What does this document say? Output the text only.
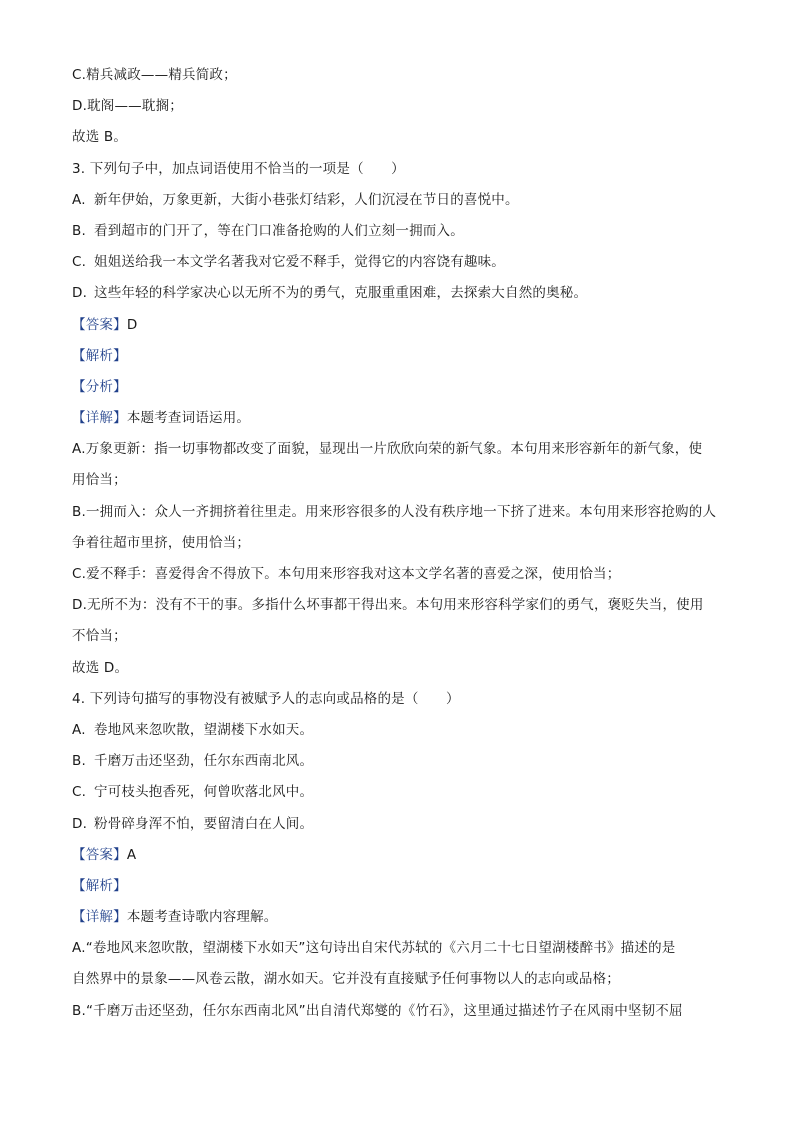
C.精兵减政——精兵简政；
D.耽阁——耽搁；
故选 B。
3. 下列句子中，加点词语使用不恰当的一项是（　　）
A. 新年伊始，万象更新，大街小巷张灯结彩，人们沉浸在节日的喜悦中。
B. 看到超市的门开了，等在门口准备抢购的人们立刻一拥而入。
C. 姐姐送给我一本文学名著我对它爱不释手，觉得它的内容饶有趣味。
D. 这些年轻的科学家决心以无所不为的勇气，克服重重困难，去探索大自然的奥秘。
【答案】D
【解析】
【分析】
【详解】本题考查词语运用。
A.万象更新：指一切事物都改变了面貌，显现出一片欣欣向荣的新气象。本句用来形容新年的新气象，使
用恰当；
B.一拥而入：众人一齐拥挤着往里走。用来形容很多的人没有秩序地一下挤了进来。本句用来形容抢购的人
争着往超市里挤，使用恰当；
C.爱不释手：喜爱得舍不得放下。本句用来形容我对这本文学名著的喜爱之深，使用恰当；
D.无所不为：没有不干的事。多指什么坏事都干得出来。本句用来形容科学家们的勇气，褒贬失当，使用
不恰当；
故选 D。
4. 下列诗句描写的事物没有被赋予人的志向或品格的是（　　）
A. 卷地风来忽吹散，望湖楼下水如天。
B. 千磨万击还坚劲，任尔东西南北风。
C. 宁可枝头抱香死，何曾吹落北风中。
D. 粉骨碎身浑不怕，要留清白在人间。
【答案】A
【解析】
【详解】本题考查诗歌内容理解。
A.“卷地风来忽吹散，望湖楼下水如天”这句诗出自宋代苏轼的《六月二十七日望湖楼醉书》描述的是
自然界中的景象——风卷云散，湖水如天。它并没有直接赋予任何事物以人的志向或品格；
B.“千磨万击还坚劲，任尔东西南北风”出自清代郑燮的《竹石》，这里通过描述竹子在风雨中坚韧不屈
